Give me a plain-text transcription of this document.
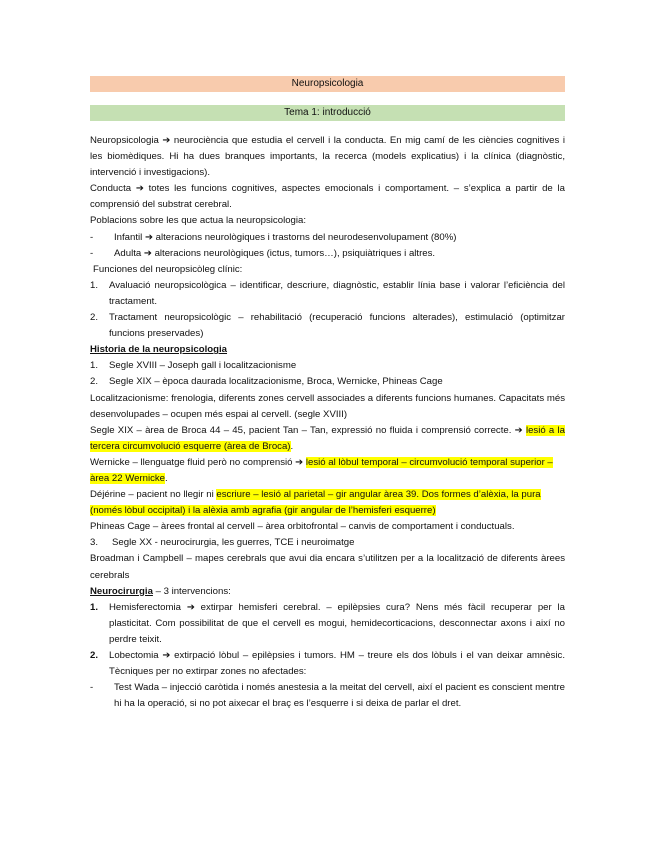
Neuropsicologia
Tema 1: introducció

Neuropsicologia ➔ neurociència que estudia el cervell i la conducta. En mig camí de les ciències cognitives i les biomèdiques. Hi ha dues branques importants, la recerca (models explicatius) i la clínica (diagnòstic, intervenció i investigacions).

Conducta ➔ totes les funcions cognitives, aspectes emocionals i comportament. – s’explica a partir de la comprensió del substrat cerebral.

Poblacions sobre les que actua la neuropsicologia:

-	Infantil ➔ alteracions neurològiques i trastorns del neurodesenvolupament (80%)
-	Adulta ➔ alteracions neurològiques (ictus, tumors…), psiquiàtriques i altres.

Funciones del neuropsicòleg clínic:

1.	Avaluació neuropsicològica – identificar, descriure, diagnòstic, establir línia base i valorar l’eficiència del tractament.
2.	Tractament neuropsicològic – rehabilitació (recuperació funcions alterades), estimulació (optimitzar funcions preservades)

Historia de la neuropsicologia

1.	Segle XVIII – Joseph gall i localitzacionisme
2.	Segle XIX – època daurada localitzacionisme, Broca, Wernicke, Phineas Cage

Localitzacionisme: frenologia, diferents zones cervell associades a diferents funcions humanes. Capacitats més desenvolupades – ocupen més espai al cervell. (segle XVIII)

Segle XIX – àrea de Broca 44 – 45, pacient Tan – Tan, expressió no fluida i comprensió correcte. ➔ lesió a la tercera circumvolució esquerre (àrea de Broca).

Wernicke – llenguatge fluid però no comprensió ➔ lesió al lòbul temporal – circumvolució temporal superior – àrea 22 Wernicke.

Déjérine – pacient no llegir ni escriure – lesió al parietal – gir angular àrea 39. Dos formes d’alèxia, la pura (només lòbul occipital) i la alèxia amb agrafia (gir angular de l’hemisferi esquerre)

Phineas Cage – àrees frontal al cervell – àrea orbitofrontal – canvis de comportament i conductuals.

3.	Segle XX - neurocirurgia, les guerres, TCE i neuroimatge

Broadman i Campbell – mapes cerebrals que avui dia encara s’utilitzen per a la localització de diferents àrees cerebrals

Neurocirurgia – 3 intervencions:

1.	Hemisferectomia ➔ extirpar hemisferi cerebral. – epilèpsies cura? Nens més fàcil recuperar per la plasticitat. Com possibilitat de que el cervell es mogui, hemidecorticacions, desconnectar axons i així no perdre teixit.
2.	Lobectomia ➔ extirpació lòbul – epilèpsies i tumors. HM – treure els dos lòbuls i el van deixar amnèsic. Tècniques per no extirpar zones no afectades:
-	Test Wada – injecció caròtida i només anestesia a la meitat del cervell, així el pacient es conscient mentre hi ha la operació, si no pot aixecar el braç es l’esquerre i si deixa de parlar el dret.
